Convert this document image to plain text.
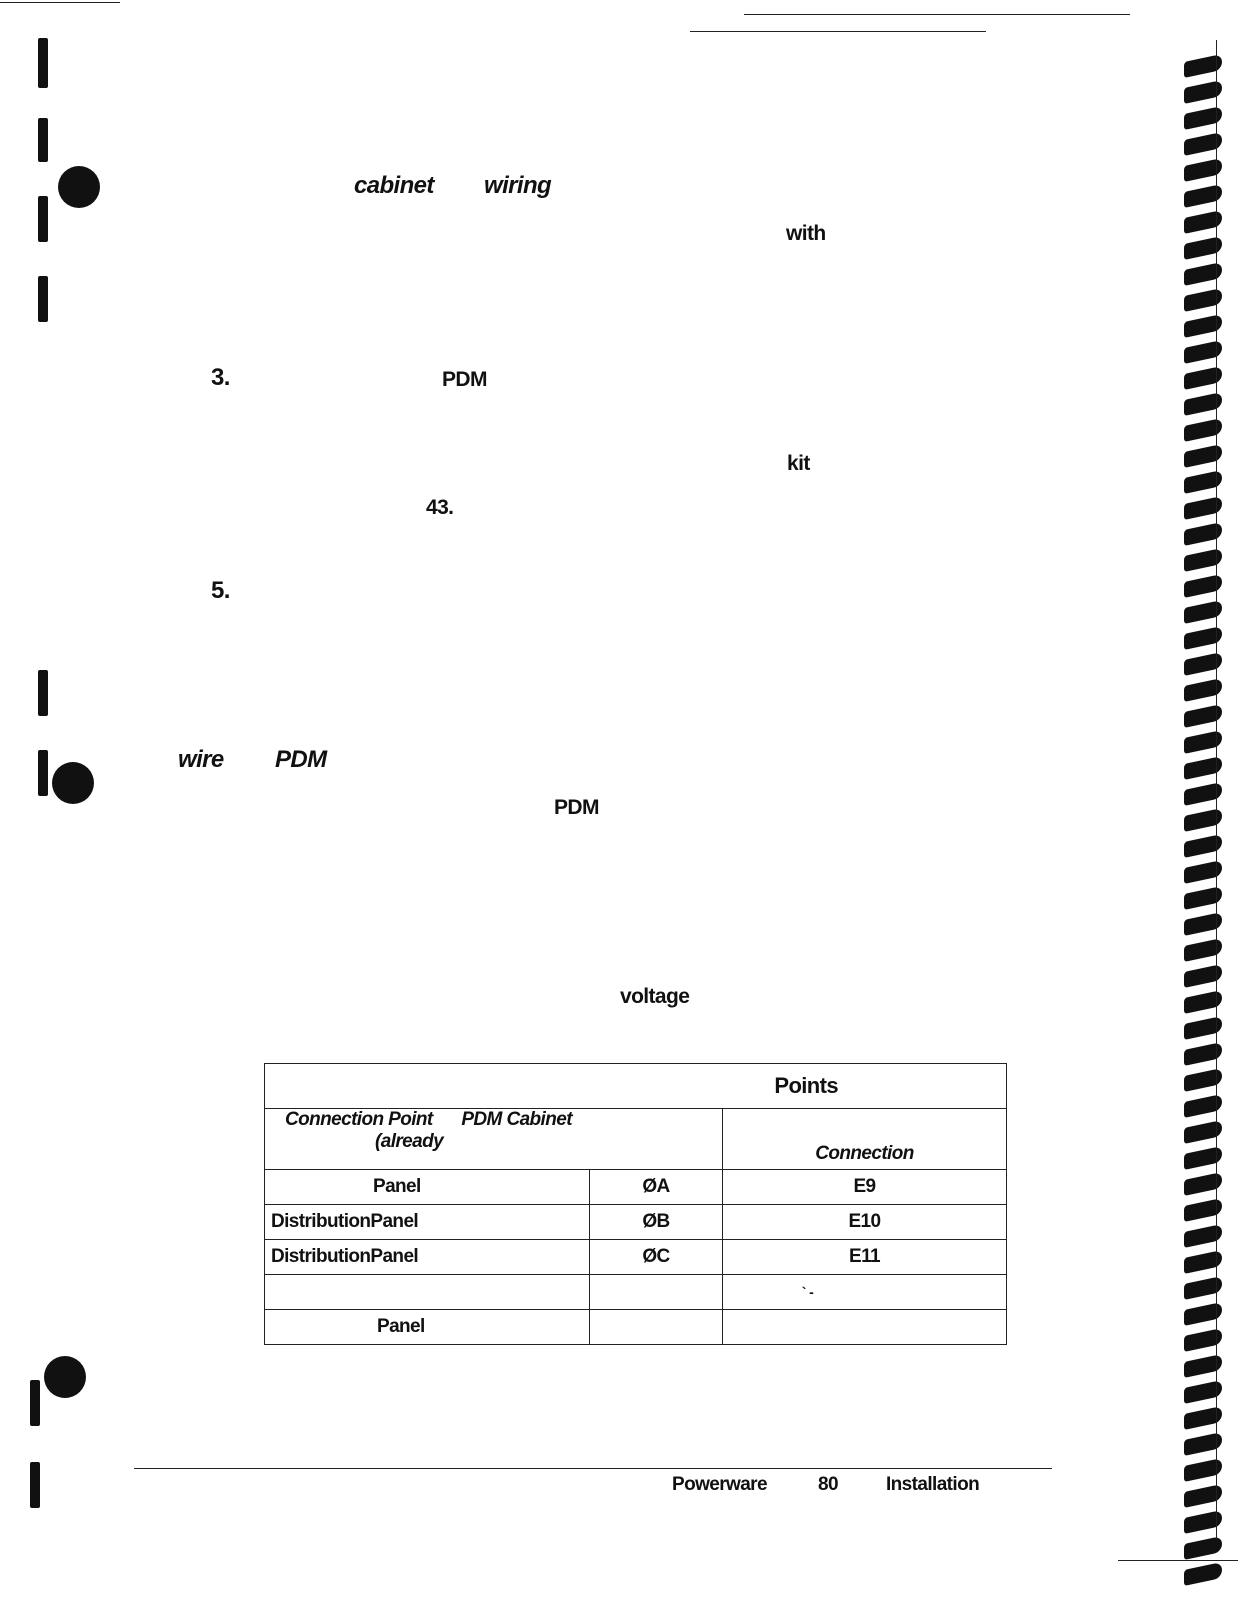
cabinet wiring
with
3.	PDM
kit
43.
5.
wire PDM
PDM
voltage
Points		
Connection Point PDM Cabinet
(already		Connection
Panel	ØA	E9
DistributionPanel	ØB	E10
DistributionPanel	ØC	E11
		` -
Panel		
Powerware	80	Installation
